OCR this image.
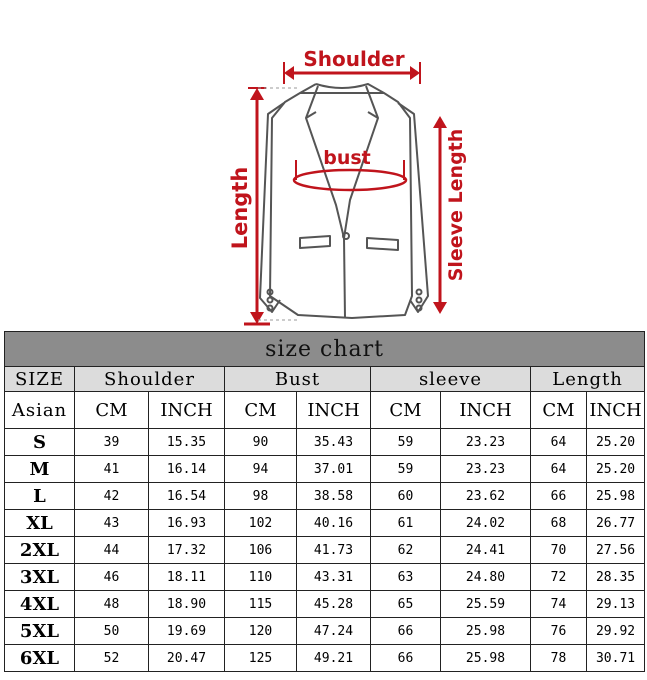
Shoulder
bust
Length	Sleeve Length
size chart								
SIZE	Shoulder		Bust		sleeve		Length	
Asian	CM	INCH	CM	INCH	CM	INCH	CM	INCH
S	39	15.35	90	35.43	59	23.23	64	25.20
M	41	16.14	94	37.01	59	23.23	64	25.20
L	42	16.54	98	38.58	60	23.62	66	25.98
XL	43	16.93	102	40.16	61	24.02	68	26.77
2XL	44	17.32	106	41.73	62	24.41	70	27.56
3XL	46	18.11	110	43.31	63	24.80	72	28.35
4XL	48	18.90	115	45.28	65	25.59	74	29.13
5XL	50	19.69	120	47.24	66	25.98	76	29.92
6XL	52	20.47	125	49.21	66	25.98	78	30.71
